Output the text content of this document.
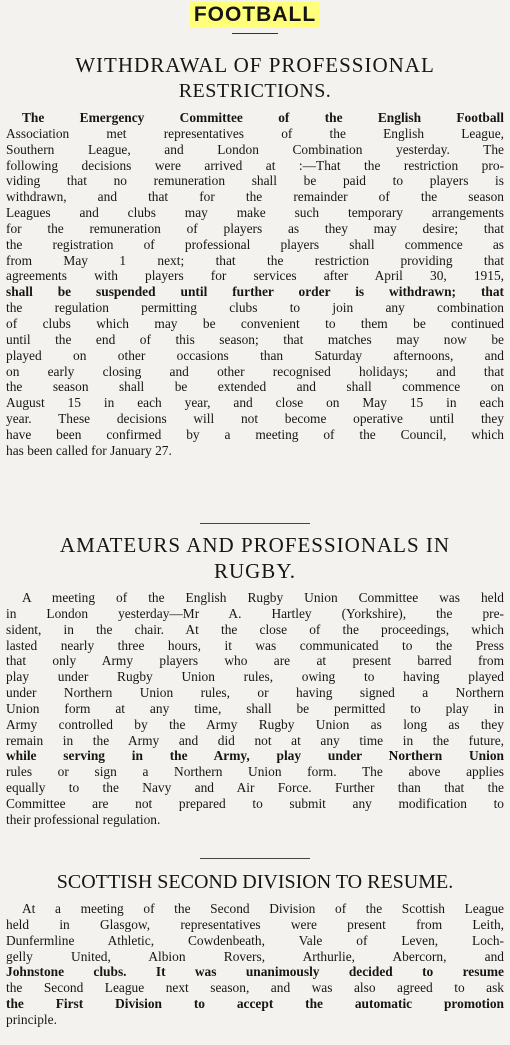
FOOTBALL
WITHDRAWAL OF PROFESSIONAL
RESTRICTIONS.
The Emergency Committee of the English Football
Association met representatives of the English League,
Southern League, and London Combination yesterday. The
following decisions were arrived at :—That the restriction pro-
viding that no remuneration shall be paid to players is
withdrawn, and that for the remainder of the season
Leagues and clubs may make such temporary arrangements
for the remuneration of players as they may desire; that
the registration of professional players shall commence as
from May 1 next; that the restriction providing that
agreements with players for services after April 30, 1915,
shall be suspended until further order is withdrawn; that
the regulation permitting clubs to join any combination
of clubs which may be convenient to them be continued
until the end of this season; that matches may now be
played on other occasions than Saturday afternoons, and
on early closing and other recognised holidays; and that
the season shall be extended and shall commence on
August 15 in each year, and close on May 15 in each
year. These decisions will not become operative until they
have been confirmed by a meeting of the Council, which
has been called for January 27.
AMATEURS AND PROFESSIONALS IN
RUGBY.
A meeting of the English Rugby Union Committee was held
in London yesterday—Mr A. Hartley (Yorkshire), the pre-
sident, in the chair. At the close of the proceedings, which
lasted nearly three hours, it was communicated to the Press
that only Army players who are at present barred from
play under Rugby Union rules, owing to having played
under Northern Union rules, or having signed a Northern
Union form at any time, shall be permitted to play in
Army controlled by the Army Rugby Union as long as they
remain in the Army and did not at any time in the future,
while serving in the Army, play under Northern Union
rules or sign a Northern Union form. The above applies
equally to the Navy and Air Force. Further than that the
Committee are not prepared to submit any modification to
their professional regulation.
SCOTTISH SECOND DIVISION TO RESUME.
At a meeting of the Second Division of the Scottish League
held in Glasgow, representatives were present from Leith,
Dunfermline Athletic, Cowdenbeath, Vale of Leven, Loch-
gelly United, Albion Rovers, Arthurlie, Abercorn, and
Johnstone clubs. It was unanimously decided to resume
the Second League next season, and was also agreed to ask
the First Division to accept the automatic promotion
principle.
